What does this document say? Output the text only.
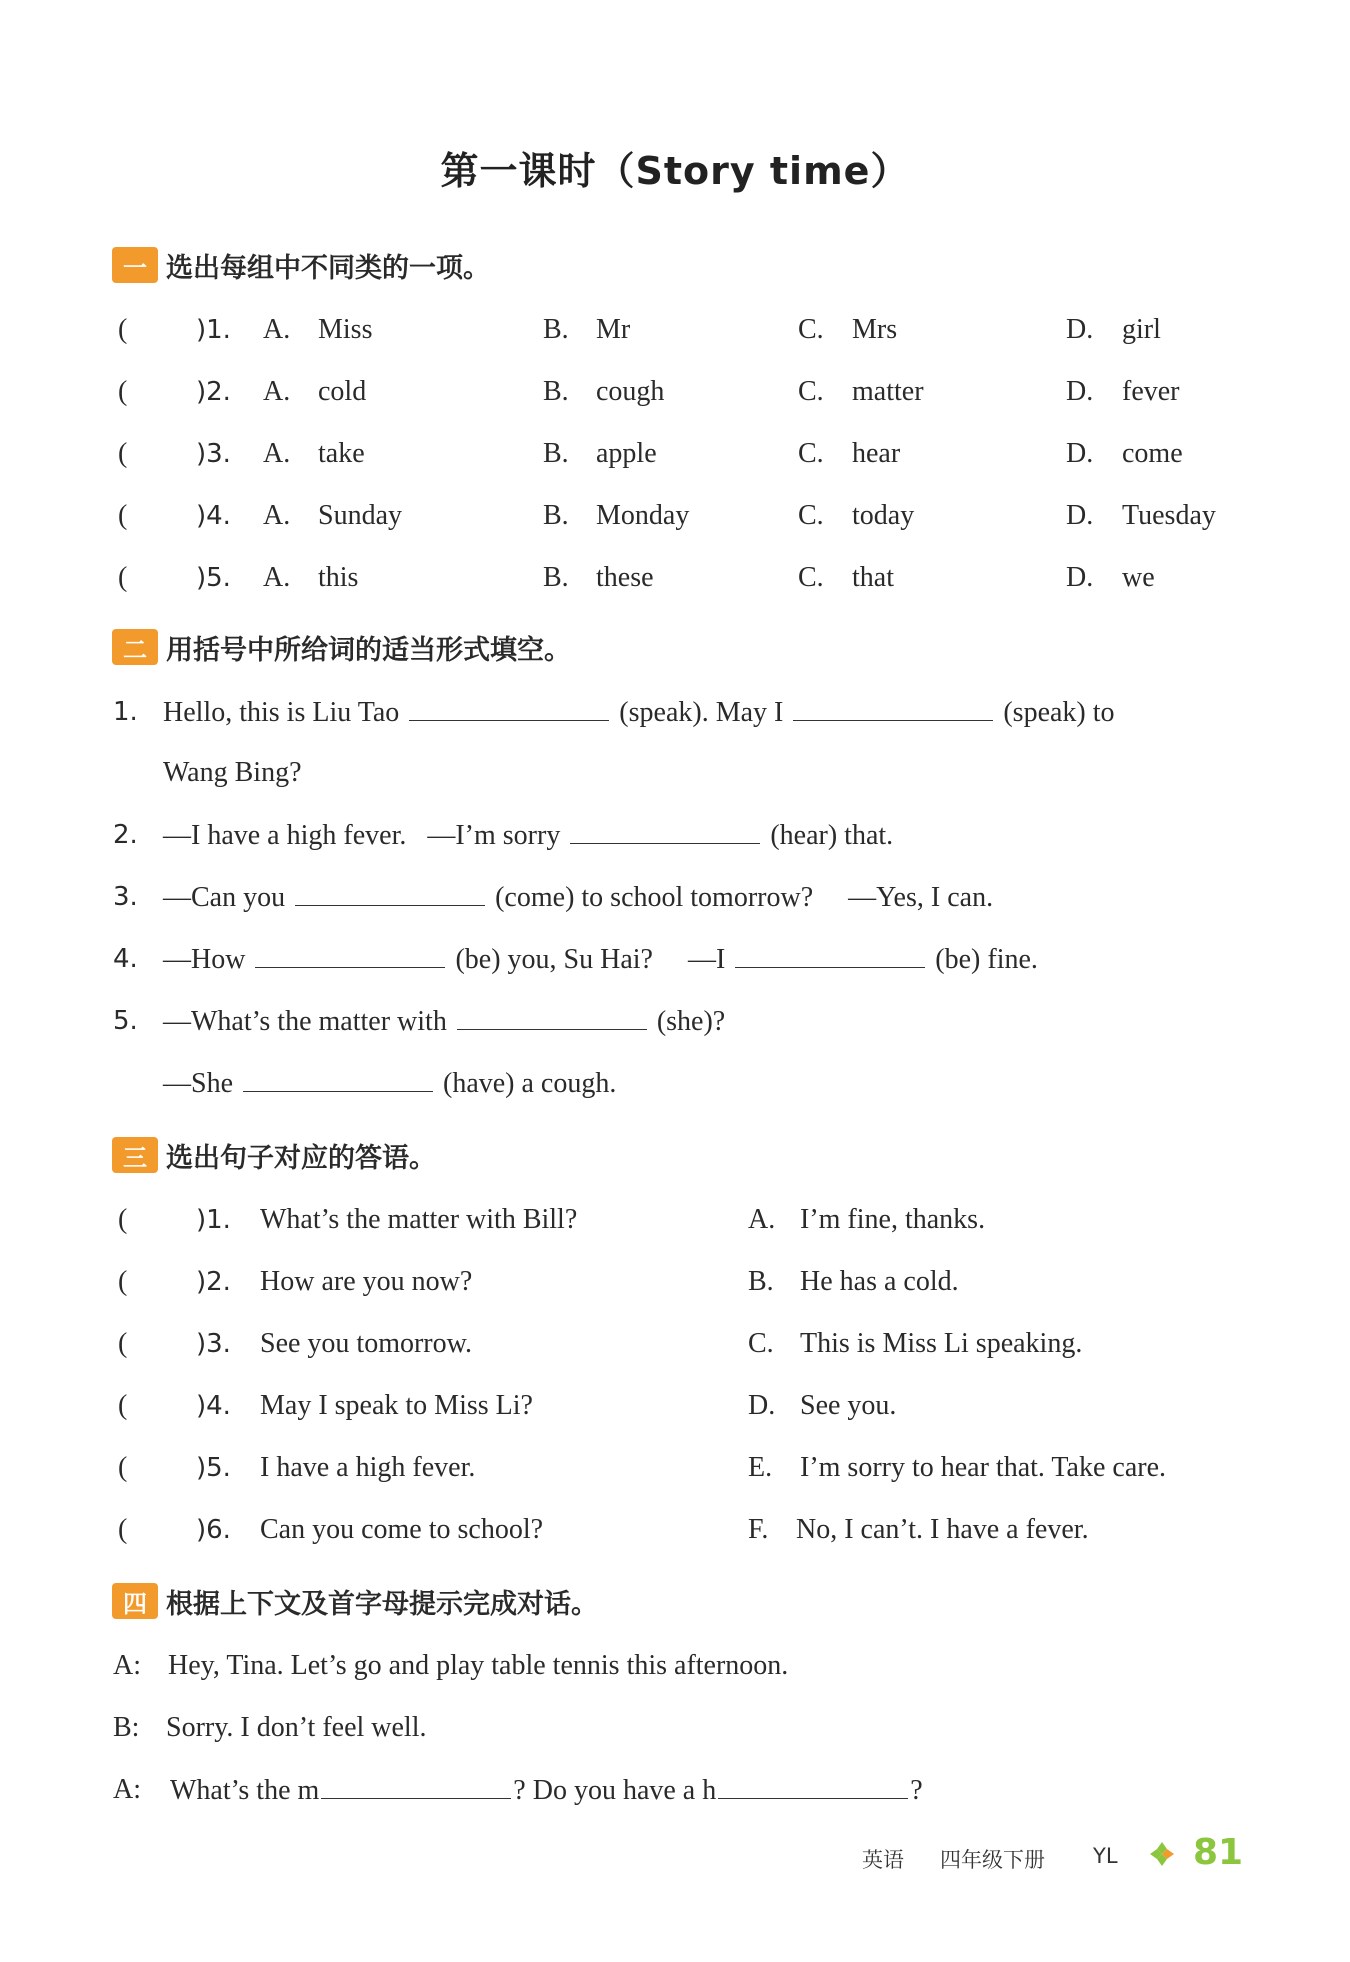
第一课时（Story time）
一 选出每组中不同类的一项。
(	)1. A. Miss	B. Mr	C. Mrs	D. girl
(	)2. A. cold	B. cough	C. matter	D. fever
(	)3. A. take	B. apple	C. hear	D. come
(	)4. A. Sunday	B. Monday	C. today	D. Tuesday
(	)5. A. this	B. these	C. that	D. we
二 用括号中所给词的适当形式填空。
1. Hello, this is Liu Tao	(speak). May I	(speak) to
Wang Bing?
2. —I have a high fever. —I’m sorry	(hear) that.
3. —Can you	(come) to school tomorrow? —Yes, I can.
4. —How	(be) you, Su Hai? —I	(be) fine.
5. —What’s the matter with	(she)?
—She	(have) a cough.
三 选出句子对应的答语。
(	)1. What’s the matter with Bill?	A. I’m fine, thanks.
(	)2. How are you now?	B. He has a cold.
(	)3. See you tomorrow.	C. This is Miss Li speaking.
(	)4. May I speak to Miss Li?	D. See you.
(	)5. I have a high fever.	E. I’m sorry to hear that. Take care.
(	)6. Can you come to school?	F. No, I can’t. I have a fever.
四 根据上下文及首字母提示完成对话。
A: Hey, Tina. Let’s go and play table tennis this afternoon.
B: Sorry. I don’t feel well.
A: What’s the m	? Do you have a h	?
英语 四年级下册 YL 81
